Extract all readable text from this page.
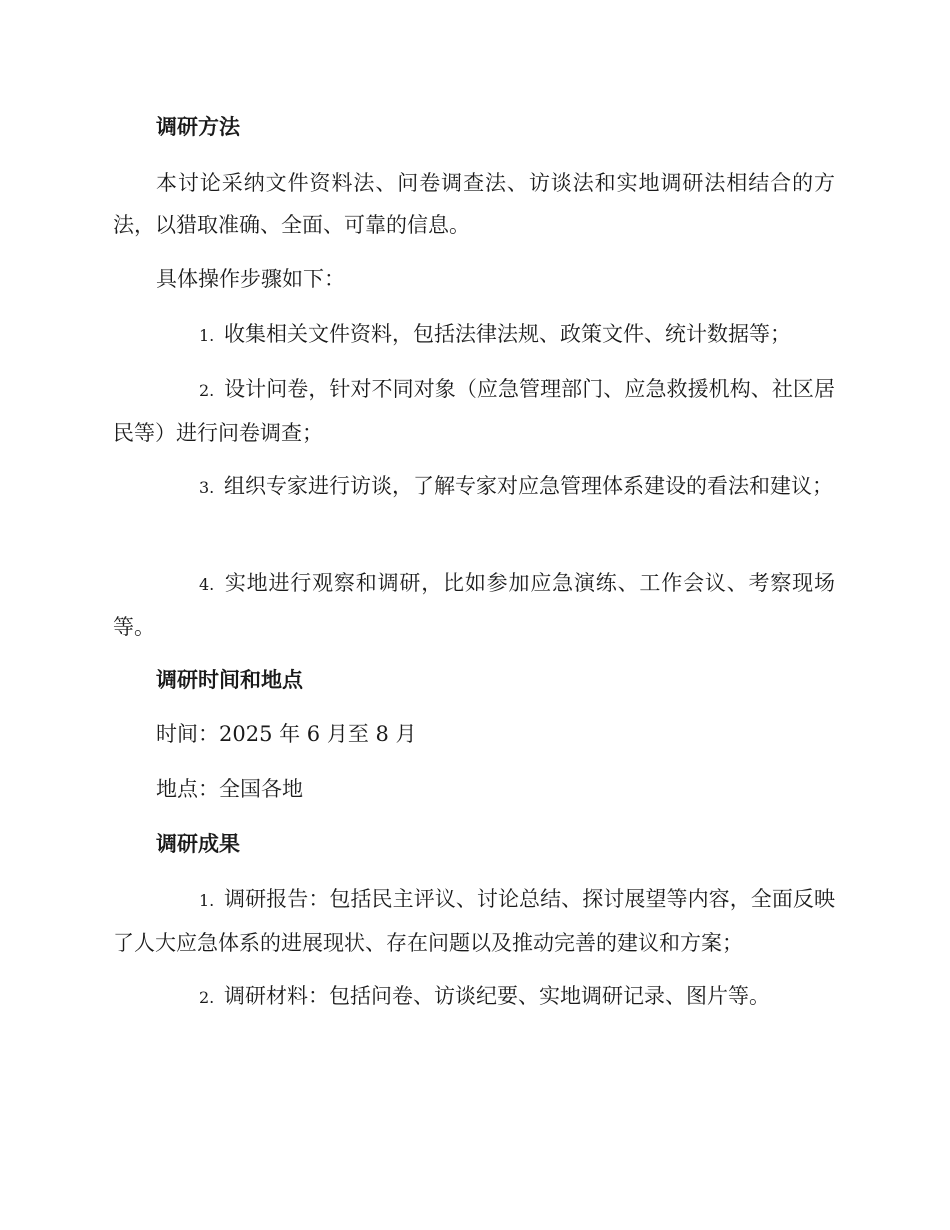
调研方法
本讨论采纳文件资料法、问卷调查法、访谈法和实地调研法相结合的方法，以猎取准确、全面、可靠的信息。
具体操作步骤如下：
1. 收集相关文件资料，包括法律法规、政策文件、统计数据等；
2. 设计问卷，针对不同对象（应急管理部门、应急救援机构、社区居民等）进行问卷调查；
3. 组织专家进行访谈，了解专家对应急管理体系建设的看法和建议；
4. 实地进行观察和调研，比如参加应急演练、工作会议、考察现场等。
调研时间和地点
时间：2025 年 6 月至 8 月
地点：全国各地
调研成果
1. 调研报告：包括民主评议、讨论总结、探讨展望等内容，全面反映了人大应急体系的进展现状、存在问题以及推动完善的建议和方案；
2. 调研材料：包括问卷、访谈纪要、实地调研记录、图片等。
